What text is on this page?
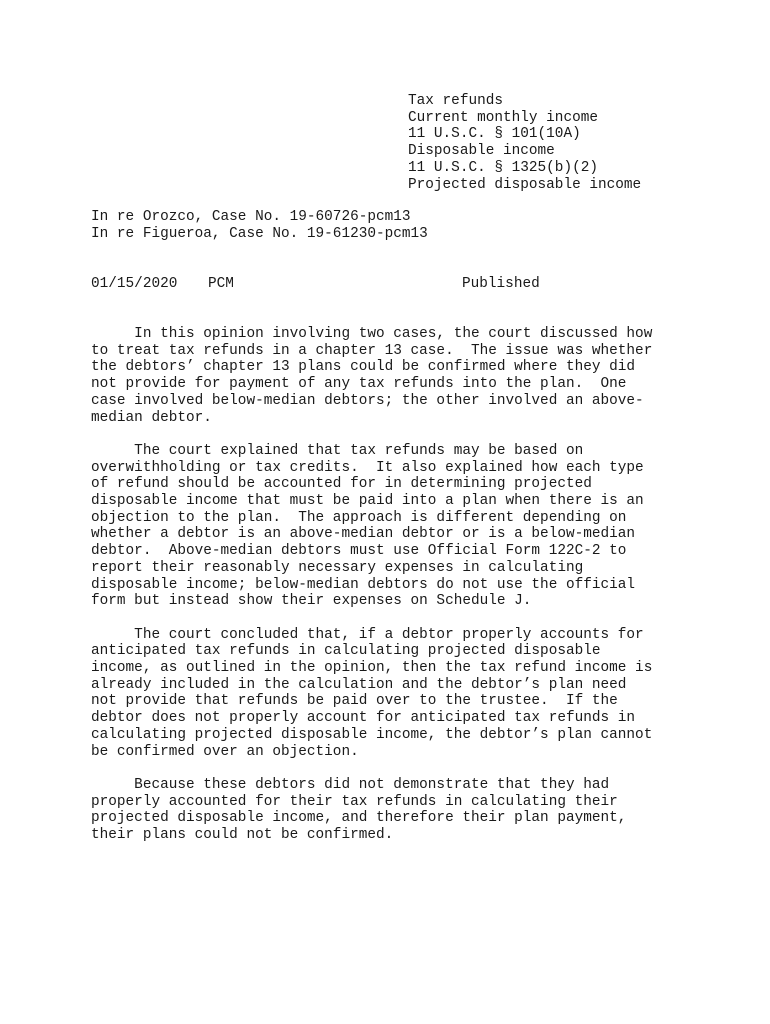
Tax refunds
Current monthly income
11 U.S.C. § 101(10A)
Disposable income
11 U.S.C. § 1325(b)(2)
Projected disposable income
In re Orozco, Case No. 19-60726-pcm13
In re Figueroa, Case No. 19-61230-pcm13
01/15/2020 PCM	Published
In this opinion involving two cases, the court discussed how
to treat tax refunds in a chapter 13 case.  The issue was whether
the debtors’ chapter 13 plans could be confirmed where they did
not provide for payment of any tax refunds into the plan.  One
case involved below-median debtors; the other involved an above-
median debtor.
The court explained that tax refunds may be based on
overwithholding or tax credits.  It also explained how each type
of refund should be accounted for in determining projected
disposable income that must be paid into a plan when there is an
objection to the plan.  The approach is different depending on
whether a debtor is an above-median debtor or is a below-median
debtor.  Above-median debtors must use Official Form 122C-2 to
report their reasonably necessary expenses in calculating
disposable income; below-median debtors do not use the official
form but instead show their expenses on Schedule J.
The court concluded that, if a debtor properly accounts for
anticipated tax refunds in calculating projected disposable
income, as outlined in the opinion, then the tax refund income is
already included in the calculation and the debtor’s plan need
not provide that refunds be paid over to the trustee.  If the
debtor does not properly account for anticipated tax refunds in
calculating projected disposable income, the debtor’s plan cannot
be confirmed over an objection.
Because these debtors did not demonstrate that they had
properly accounted for their tax refunds in calculating their
projected disposable income, and therefore their plan payment,
their plans could not be confirmed.
